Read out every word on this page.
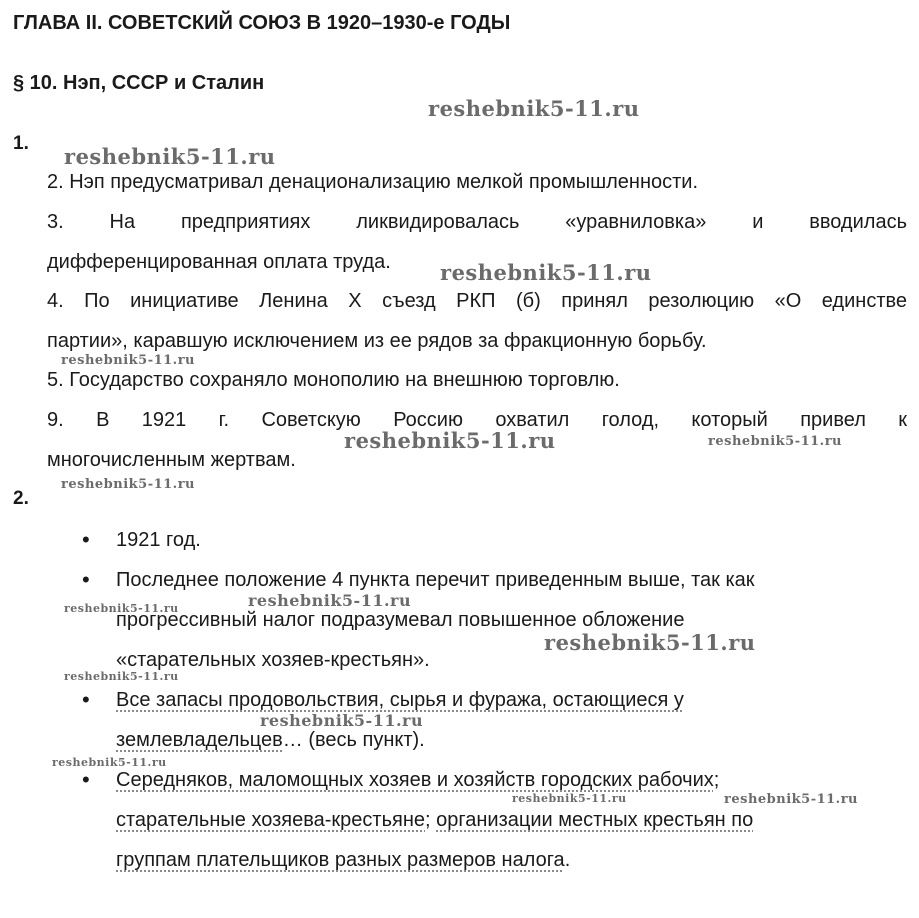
ГЛАВА II. СОВЕТСКИЙ СОЮЗ В 1920–1930-е ГОДЫ
§ 10. Нэп, СССР и Сталин
1.
2. Нэп предусматривал денационализацию мелкой промышленности.
3. На предприятиях ликвидировалась «уравниловка» и вводилась
дифференцированная оплата труда.
4. По инициативе Ленина X съезд РКП (б) принял резолюцию «О единстве
партии», каравшую исключением из ее рядов за фракционную борьбу.
5. Государство сохраняло монополию на внешнюю торговлю.
9. В 1921 г. Советскую Россию охватил голод, который привел к
многочисленным жертвам.
2.
• 1921 год.
• Последнее положение 4 пункта перечит приведенным выше, так как
прогрессивный налог подразумевал повышенное обложение
«старательных хозяев-крестьян».
• Все запасы продовольствия, сырья и фуража, остающиеся у
землевладельцев… (весь пункт).
• Середняков, маломощных хозяев и хозяйств городских рабочих;
старательные хозяева-крестьяне; организации местных крестьян по
группам плательщиков разных размеров налога.
reshebnik5-11.ru
reshebnik5-11.ru
reshebnik5-11.ru
reshebnik5-11.ru
reshebnik5-11.ru	reshebnik5-11.ru
reshebnik5-11.ru
reshebnik5-11.ru	reshebnik5-11.ru
reshebnik5-11.ru
reshebnik5-11.ru
reshebnik5-11.ru
reshebnik5-11.ru
reshebnik5-11.ru	reshebnik5-11.ru
